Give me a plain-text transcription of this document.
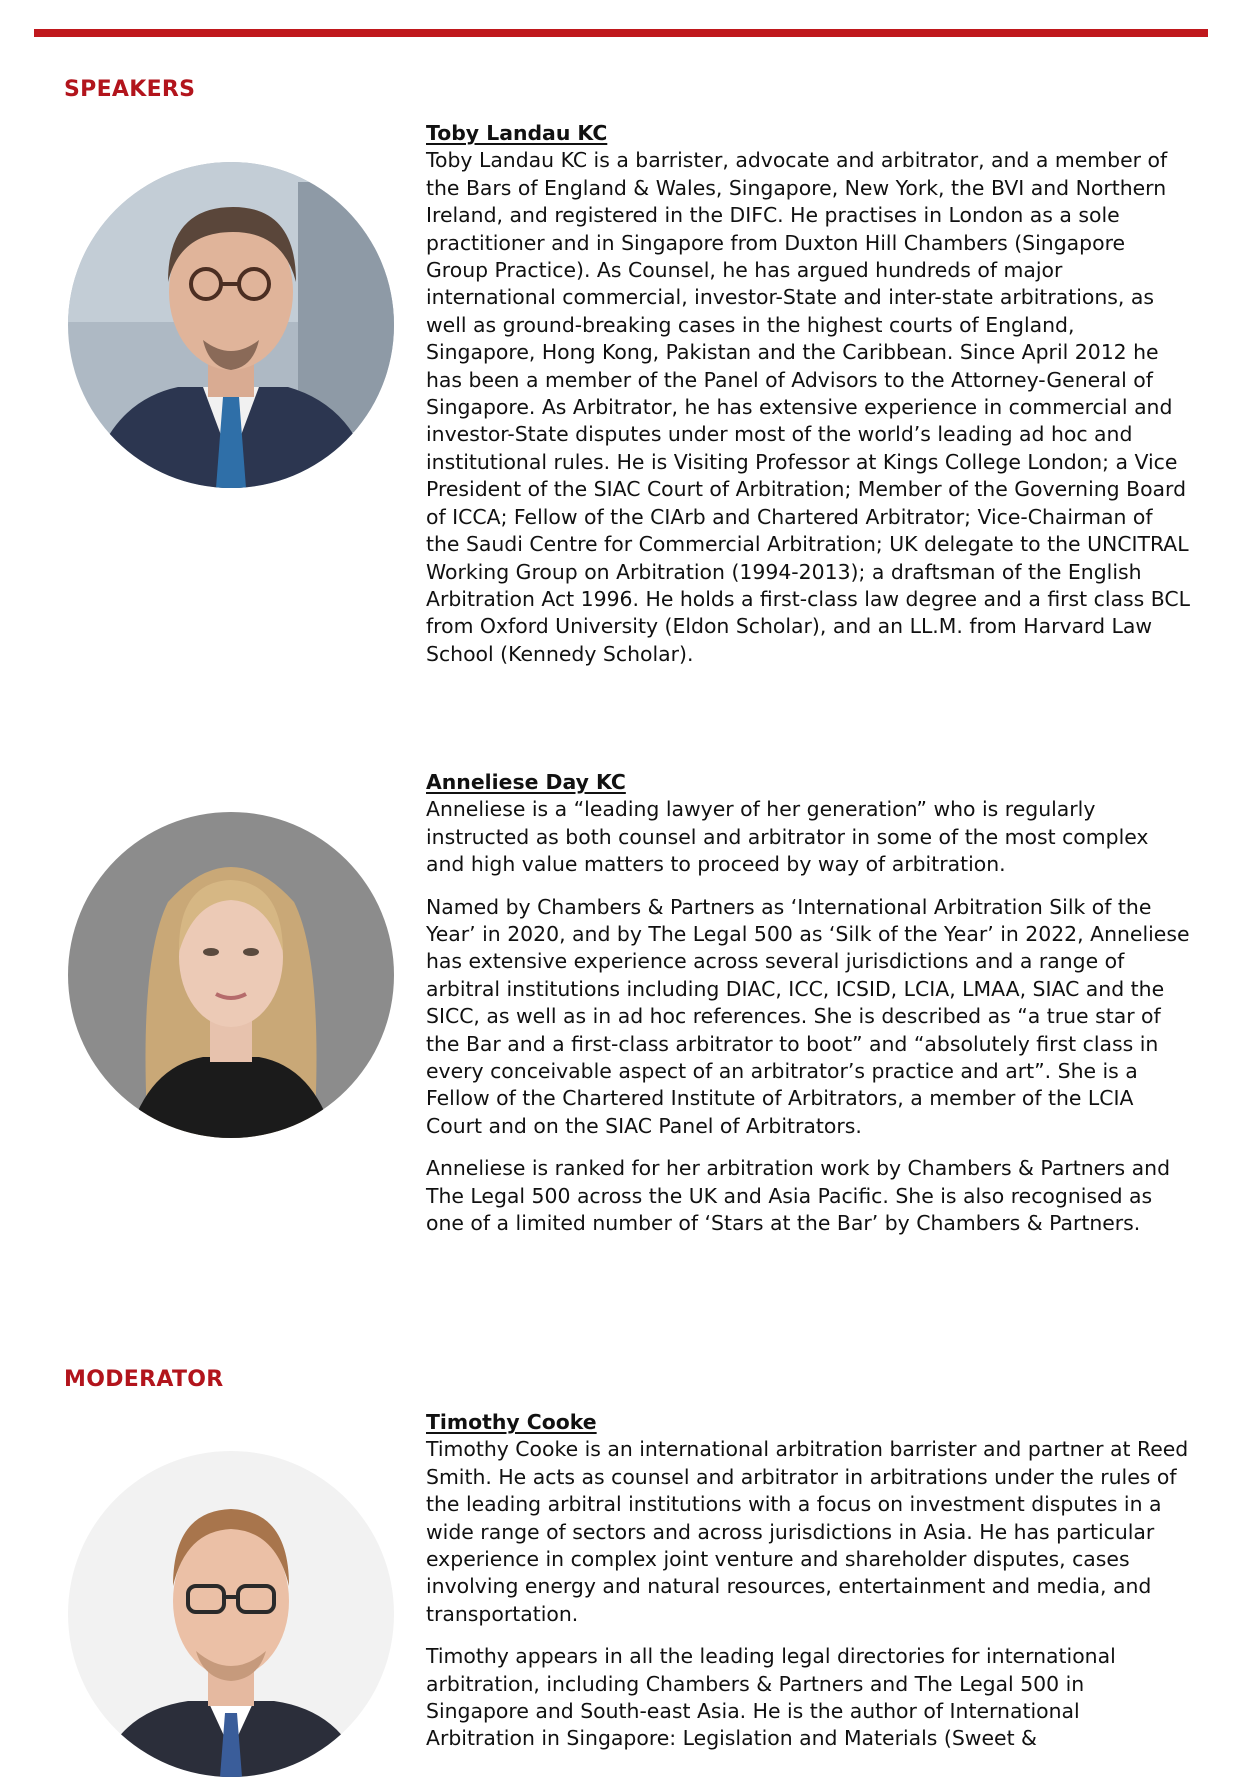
SPEAKERS
Toby Landau KC

Toby Landau KC is a barrister, advocate and arbitrator, and a member of the Bars of England & Wales, Singapore, New York, the BVI and Northern Ireland, and registered in the DIFC. He practises in London as a sole practitioner and in Singapore from Duxton Hill Chambers (Singapore Group Practice). As Counsel, he has argued hundreds of major international commercial, investor-State and inter-state arbitrations, as well as ground-breaking cases in the highest courts of England, Singapore, Hong Kong, Pakistan and the Caribbean. Since April 2012 he has been a member of the Panel of Advisors to the Attorney-General of Singapore. As Arbitrator, he has extensive experience in commercial and investor-State disputes under most of the world’s leading ad hoc and institutional rules. He is Visiting Professor at Kings College London; a Vice President of the SIAC Court of Arbitration; Member of the Governing Board of ICCA; Fellow of the CIArb and Chartered Arbitrator; Vice-Chairman of the Saudi Centre for Commercial Arbitration; UK delegate to the UNCITRAL Working Group on Arbitration (1994-2013); a draftsman of the English Arbitration Act 1996. He holds a first-class law degree and a first class BCL from Oxford University (Eldon Scholar), and an LL.M. from Harvard Law School (Kennedy Scholar).

Anneliese Day KC

Anneliese is a “leading lawyer of her generation” who is regularly instructed as both counsel and arbitrator in some of the most complex and high value matters to proceed by way of arbitration.

Named by Chambers & Partners as ‘International Arbitration Silk of the Year’ in 2020, and by The Legal 500 as ‘Silk of the Year’ in 2022, Anneliese has extensive experience across several jurisdictions and a range of arbitral institutions including DIAC, ICC, ICSID, LCIA, LMAA, SIAC and the SICC, as well as in ad hoc references. She is described as “a true star of the Bar and a first-class arbitrator to boot” and “absolutely first class in every conceivable aspect of an arbitrator’s practice and art”. She is a Fellow of the Chartered Institute of Arbitrators, a member of the LCIA Court and on the SIAC Panel of Arbitrators.

Anneliese is ranked for her arbitration work by Chambers & Partners and The Legal 500 across the UK and Asia Pacific. She is also recognised as one of a limited number of ‘Stars at the Bar’ by Chambers & Partners.

MODERATOR
Timothy Cooke

Timothy Cooke is an international arbitration barrister and partner at Reed Smith. He acts as counsel and arbitrator in arbitrations under the rules of the leading arbitral institutions with a focus on investment disputes in a wide range of sectors and across jurisdictions in Asia. He has particular experience in complex joint venture and shareholder disputes, cases involving energy and natural resources, entertainment and media, and transportation.

Timothy appears in all the leading legal directories for international arbitration, including Chambers & Partners and The Legal 500 in Singapore and South-east Asia. He is the author of International Arbitration in Singapore: Legislation and Materials (Sweet &
